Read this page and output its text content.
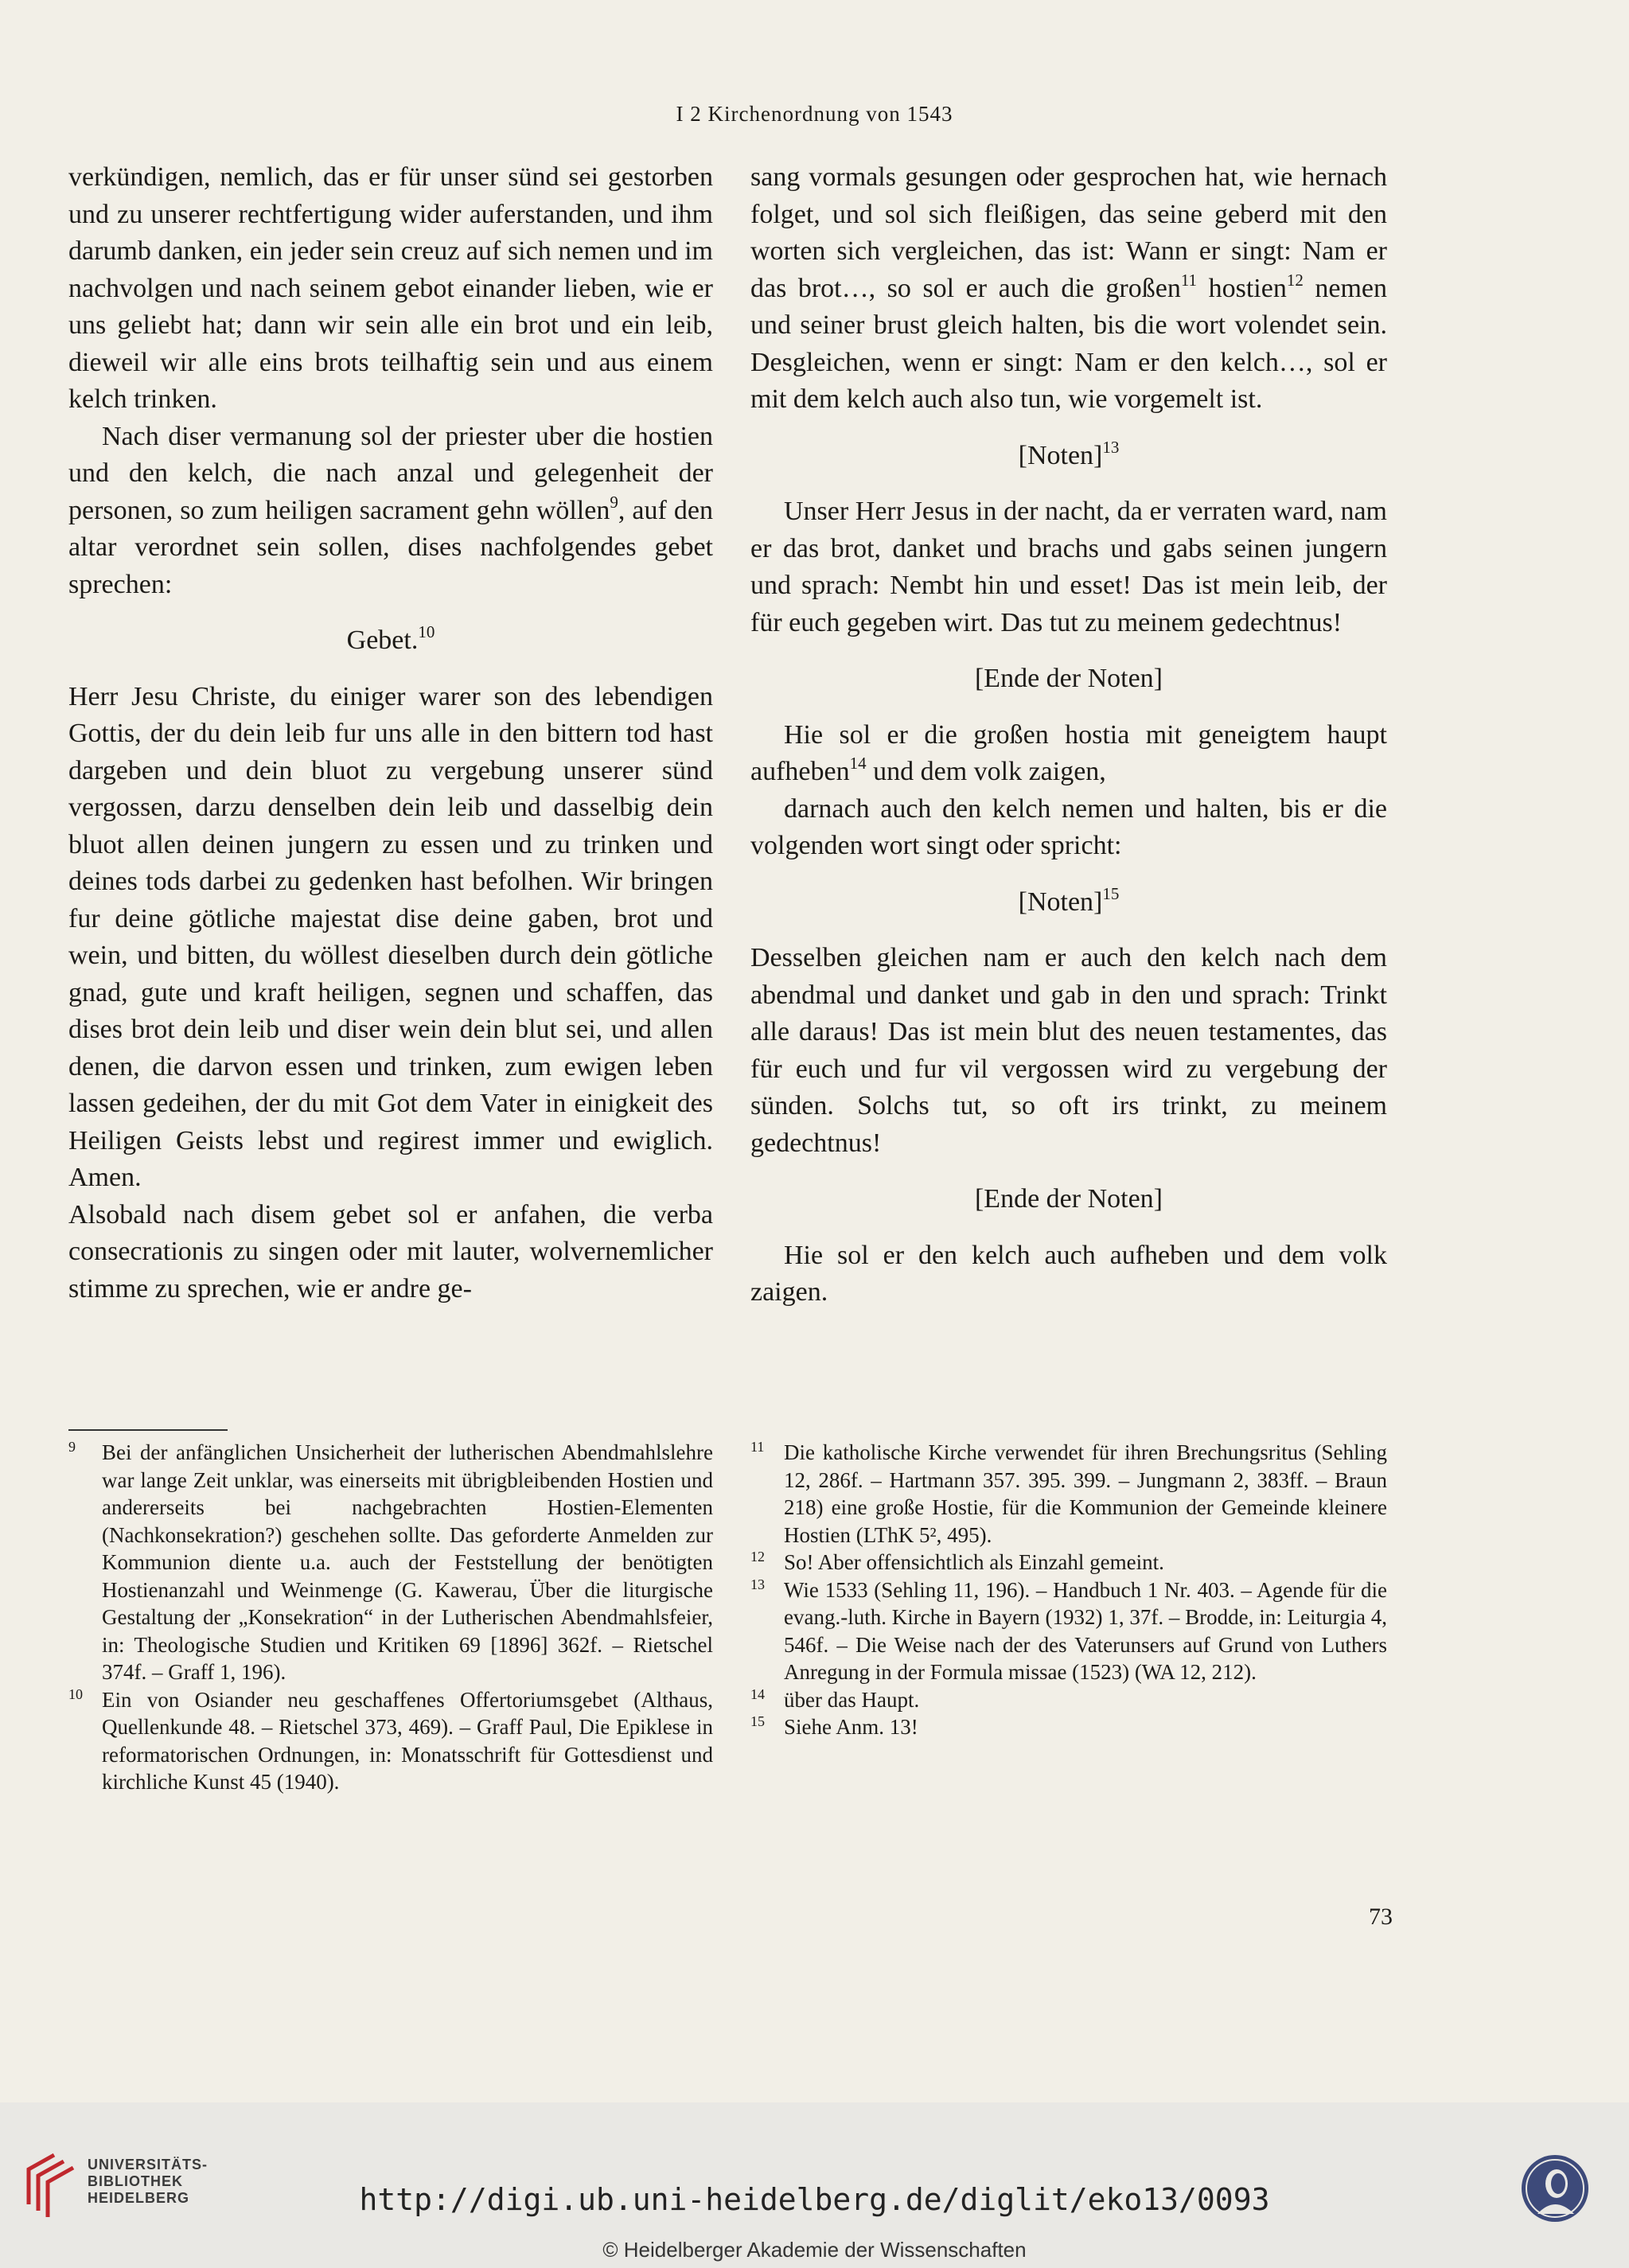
I 2 Kirchenordnung von 1543

verkündigen, nemlich, das er für unser sünd sei gestorben und zu unserer rechtfertigung wider auferstanden, und ihm darumb danken, ein jeder sein creuz auf sich nemen und im nachvolgen und nach seinem gebot einander lieben, wie er uns geliebt hat; dann wir sein alle ein brot und ein leib, dieweil wir alle eins brots teilhaftig sein und aus einem kelch trinken.

Nach diser vermanung sol der priester uber die hostien und den kelch, die nach anzal und gelegenheit der personen, so zum heiligen sacrament gehn wöllen$^9$, auf den altar verordnet sein sollen, dises nachfolgendes gebet sprechen:

Gebet.$^{10}$

Herr Jesu Christe, du einiger warer son des lebendigen Gottis, der du dein leib fur uns alle in den bittern tod hast dargeben und dein bluot zu vergebung unserer sünd vergossen, darzu denselben dein leib und dasselbig dein bluot allen deinen jungern zu essen und zu trinken und deines tods darbei zu gedenken hast befolhen. Wir bringen fur deine götliche majestat dise deine gaben, brot und wein, und bitten, du wöllest dieselben durch dein götliche gnad, gute und kraft heiligen, segnen und schaffen, das dises brot dein leib und diser wein dein blut sei, und allen denen, die darvon essen und trinken, zum ewigen leben lassen gedeihen, der du mit Got dem Vater in einigkeit des Heiligen Geists lebst und regirest immer und ewiglich. Amen.

Alsobald nach disem gebet sol er anfahen, die verba consecrationis zu singen oder mit lauter, wolvernemlicher stimme zu sprechen, wie er andre ge-

sang vormals gesungen oder gesprochen hat, wie hernach folget, und sol sich fleißigen, das seine geberd mit den worten sich vergleichen, das ist: Wann er singt: Nam er das brot…, so sol er auch die großen$^{11}$ hostien$^{12}$ nemen und seiner brust gleich halten, bis die wort volendet sein. Desgleichen, wenn er singt: Nam er den kelch…, sol er mit dem kelch auch also tun, wie vorgemelt ist.

[Noten]$^{13}$

Unser Herr Jesus in der nacht, da er verraten ward, nam er das brot, danket und brachs und gabs seinen jungern und sprach: Nembt hin und esset! Das ist mein leib, der für euch gegeben wirt. Das tut zu meinem gedechtnus!

[Ende der Noten]

Hie sol er die großen hostia mit geneigtem haupt aufheben$^{14}$ und dem volk zaigen,

darnach auch den kelch nemen und halten, bis er die volgenden wort singt oder spricht:

[Noten]$^{15}$

Desselben gleichen nam er auch den kelch nach dem abendmal und danket und gab in den und sprach: Trinkt alle daraus! Das ist mein blut des neuen testamentes, das für euch und fur vil vergossen wird zu vergebung der sünden. Solchs tut, so oft irs trinkt, zu meinem gedechtnus!

[Ende der Noten]

Hie sol er den kelch auch aufheben und dem volk zaigen.

9 Bei der anfänglichen Unsicherheit der lutherischen Abendmahlslehre war lange Zeit unklar, was einerseits mit übrigbleibenden Hostien und andererseits bei nachgebrachten Hostien-Elementen (Nachkonsekration?) geschehen sollte. Das geforderte Anmelden zur Kommunion diente u.a. auch der Feststellung der benötigten Hostienanzahl und Weinmenge (G. Kawerau, Über die liturgische Gestaltung der „Konsekration“ in der Lutherischen Abendmahlsfeier, in: Theologische Studien und Kritiken 69 [1896] 362f. – Rietschel 374f. – Graff 1, 196).

10 Ein von Osiander neu geschaffenes Offertoriumsgebet (Althaus, Quellenkunde 48. – Rietschel 373, 469). – Graff Paul, Die Epiklese in reformatorischen Ordnungen, in: Monatsschrift für Gottesdienst und kirchliche Kunst 45 (1940).

11 Die katholische Kirche verwendet für ihren Brechungsritus (Sehling 12, 286f. – Hartmann 357. 395. 399. – Jungmann 2, 383ff. – Braun 218) eine große Hostie, für die Kommunion der Gemeinde kleinere Hostien (LThK 5², 495).

12 So! Aber offensichtlich als Einzahl gemeint.

13 Wie 1533 (Sehling 11, 196). – Handbuch 1 Nr. 403. – Agende für die evang.-luth. Kirche in Bayern (1932) 1, 37f. – Brodde, in: Leiturgia 4, 546f. – Die Weise nach der des Vaterunsers auf Grund von Luthers Anregung in der Formula missae (1523) (WA 12, 212).

14 über das Haupt.

15 Siehe Anm. 13!

73
UNIVERSITÄTS-
BIBLIOTHEK
HEIDELBERG	http://digi.ub.uni-heidelberg.de/diglit/eko13/0093
© Heidelberger Akademie der Wissenschaften
